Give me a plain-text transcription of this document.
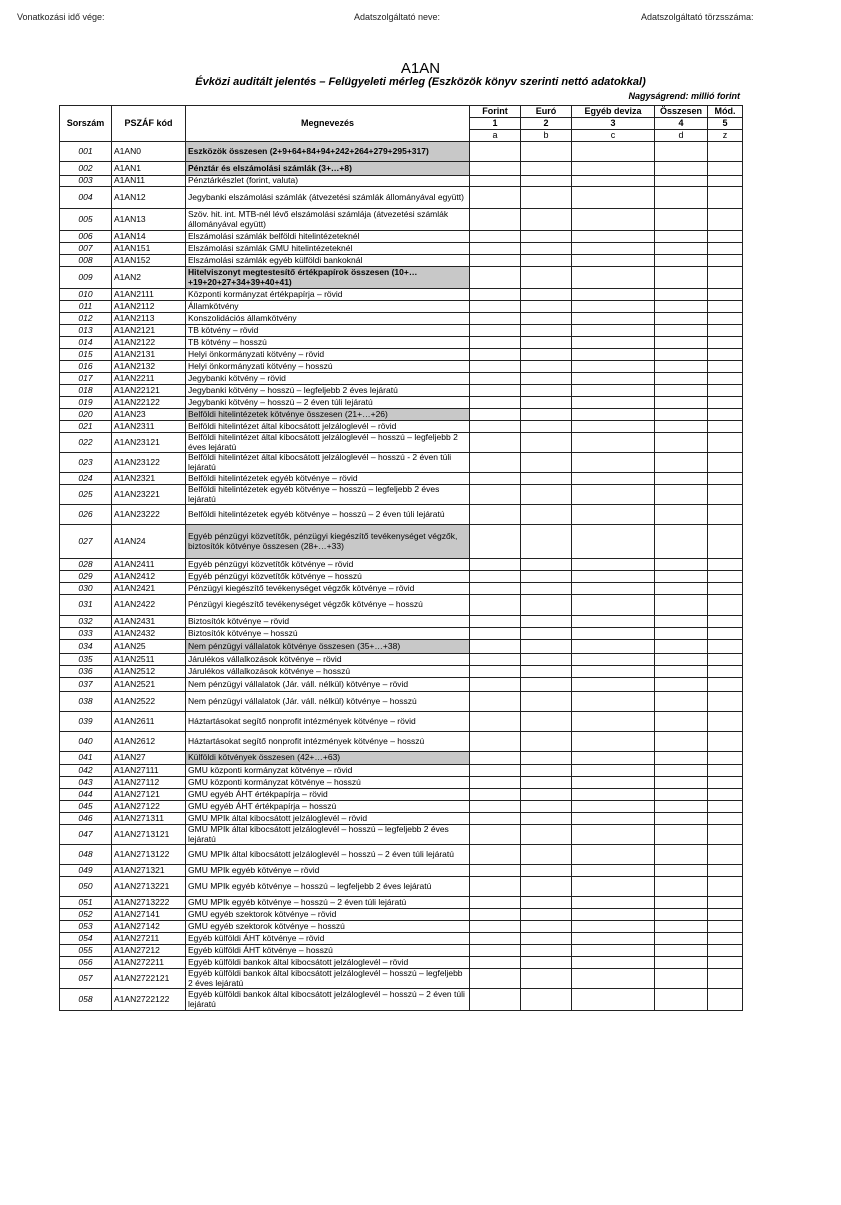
Vonatkozási idő vége:	Adatszolgáltató neve:	Adatszolgáltató törzsszáma:
A1AN
Évközi auditált jelentés – Felügyeleti mérleg (Eszközök könyv szerinti nettó adatokkal)
Nagyságrend: millió forint
Sorszám	PSZÁF kód	Megnevezés	Forint	Euró	Egyéb deviza	Összesen	Mód.
			1	2	3	4	5
			a	b	c	d	z
001	A1AN0	Eszközök összesen (2+9+64+84+94+242+264+279+295+317)					
002	A1AN1	Pénztár és elszámolási számlák (3+…+8)					
003	A1AN11	Pénztárkészlet (forint, valuta)					
004	A1AN12	Jegybanki elszámolási számlák (átvezetési számlák állományával együtt)					
005	A1AN13	Szöv. hit. int. MTB-nél lévő elszámolási számlája (átvezetési számlák állományával együtt)					
006	A1AN14	Elszámolási számlák belföldi hitelintézeteknél					
007	A1AN151	Elszámolási számlák GMU hitelintézeteknél					
008	A1AN152	Elszámolási számlák egyéb külföldi bankoknál					
009	A1AN2	Hitelviszonyt megtestesítő értékpapírok összesen (10+…+19+20+27+34+39+40+41)					
010	A1AN2111	Központi kormányzat értékpapírja – rövid					
011	A1AN2112	Államkötvény					
012	A1AN2113	Konszolidációs államkötvény					
013	A1AN2121	TB kötvény – rövid					
014	A1AN2122	TB kötvény – hosszú					
015	A1AN2131	Helyi önkormányzati kötvény – rövid					
016	A1AN2132	Helyi önkormányzati kötvény – hosszú					
017	A1AN2211	Jegybanki kötvény – rövid					
018	A1AN22121	Jegybanki kötvény – hosszú – legfeljebb 2 éves lejáratú					
019	A1AN22122	Jegybanki kötvény – hosszú – 2 éven túli lejáratú					
020	A1AN23	Belföldi hitelintézetek kötvénye összesen (21+…+26)					
021	A1AN2311	Belföldi hitelintézet által kibocsátott jelzáloglevél – rövid					
022	A1AN23121	Belföldi hitelintézet által kibocsátott jelzáloglevél – hosszú – legfeljebb 2 éves lejáratú					
023	A1AN23122	Belföldi hitelintézet által kibocsátott jelzáloglevél – hosszú - 2 éven túli lejáratú					
024	A1AN2321	Belföldi hitelintézetek egyéb kötvénye – rövid					
025	A1AN23221	Belföldi hitelintézetek egyéb kötvénye – hosszú – legfeljebb 2 éves lejáratú					
026	A1AN23222	Belföldi hitelintézetek egyéb kötvénye – hosszú – 2 éven túli lejáratú					
027	A1AN24	Egyéb pénzügyi közvetítők, pénzügyi kiegészítő tevékenységet végzők, biztosítók kötvénye összesen (28+…+33)					
028	A1AN2411	Egyéb pénzügyi közvetítők kötvénye – rövid					
029	A1AN2412	Egyéb pénzügyi közvetítők kötvénye – hosszú					
030	A1AN2421	Pénzügyi kiegészítő tevékenységet végzők kötvénye – rövid					
031	A1AN2422	Pénzügyi kiegészítő tevékenységet végzők kötvénye – hosszú					
032	A1AN2431	Biztosítók kötvénye – rövid					
033	A1AN2432	Biztosítók kötvénye – hosszú					
034	A1AN25	Nem pénzügyi vállalatok kötvénye összesen (35+…+38)					
035	A1AN2511	Járulékos vállalkozások kötvénye – rövid					
036	A1AN2512	Járulékos vállalkozások kötvénye – hosszú					
037	A1AN2521	Nem pénzügyi vállalatok (Jár. váll. nélkül) kötvénye – rövid					
038	A1AN2522	Nem pénzügyi vállalatok (Jár. váll. nélkül) kötvénye – hosszú					
039	A1AN2611	Háztartásokat segítő nonprofit intézmények kötvénye – rövid					
040	A1AN2612	Háztartásokat segítő nonprofit intézmények kötvénye – hosszú					
041	A1AN27	Külföldi kötvények összesen (42+…+63)					
042	A1AN27111	GMU központi kormányzat kötvénye – rövid					
043	A1AN27112	GMU központi kormányzat kötvénye – hosszú					
044	A1AN27121	GMU egyéb ÁHT értékpapírja – rövid					
045	A1AN27122	GMU egyéb ÁHT értékpapírja – hosszú					
046	A1AN271311	GMU MPIk által kibocsátott jelzáloglevél – rövid					
047	A1AN2713121	GMU MPIk által kibocsátott jelzáloglevél – hosszú – legfeljebb 2 éves lejáratú					
048	A1AN2713122	GMU MPIk által kibocsátott jelzáloglevél – hosszú – 2 éven túli lejáratú					
049	A1AN271321	GMU MPIk egyéb kötvénye – rövid					
050	A1AN2713221	GMU MPIk egyéb kötvénye – hosszú – legfeljebb 2 éves lejáratú					
051	A1AN2713222	GMU MPIk egyéb kötvénye – hosszú – 2 éven túli lejáratú					
052	A1AN27141	GMU egyéb szektorok kötvénye – rövid					
053	A1AN27142	GMU egyéb szektorok kötvénye – hosszú					
054	A1AN27211	Egyéb külföldi ÁHT kötvénye – rövid					
055	A1AN27212	Egyéb külföldi ÁHT kötvénye – hosszú					
056	A1AN272211	Egyéb külföldi bankok által kibocsátott jelzáloglevél – rövid					
057	A1AN2722121	Egyéb külföldi bankok által kibocsátott jelzáloglevél – hosszú – legfeljebb 2 éves lejáratú					
058	A1AN2722122	Egyéb külföldi bankok által kibocsátott jelzáloglevél – hosszú – 2 éven túli lejáratú					
